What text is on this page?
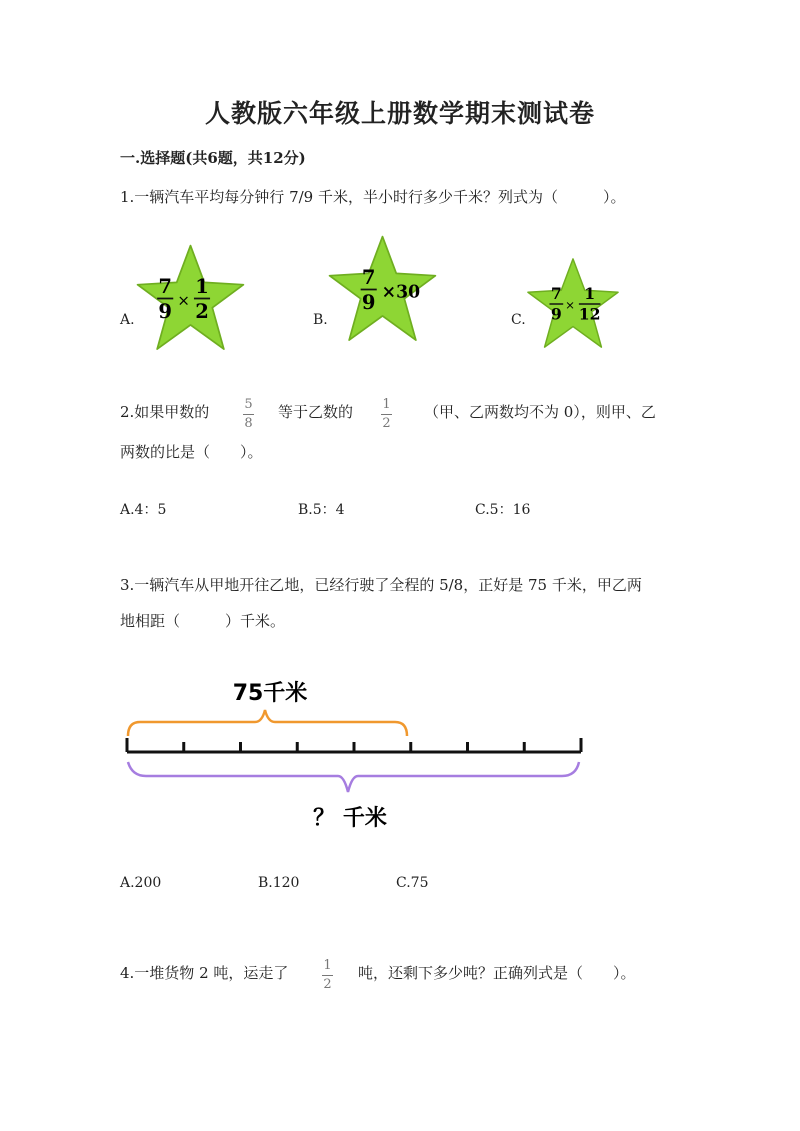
人教版六年级上册数学期末测试卷
一.选择题(共6题，共12分)
1.一辆汽车平均每分钟行 7/9 千米，半小时行多少千米？列式为（　　　）。
A.
7
9 ×
1
2	B.
7
9 ×30
C.
7
9 ×
1
12
2.如果甲数的	5
8
等于乙数的 1
2
（甲、乙两数均不为 0），则甲、乙
两数的比是（　　）。
A.4：5	B.5：4	C.5：16
3.一辆汽车从甲地开往乙地，已经行驶了全程的 5/8，正好是 75 千米，甲乙两
地相距（　　　）千米。
75千米
？ 千米
A.200	B.120	C.75
4.一堆货物 2 吨，运走了	1
2
吨，还剩下多少吨？正确列式是（　　）。
